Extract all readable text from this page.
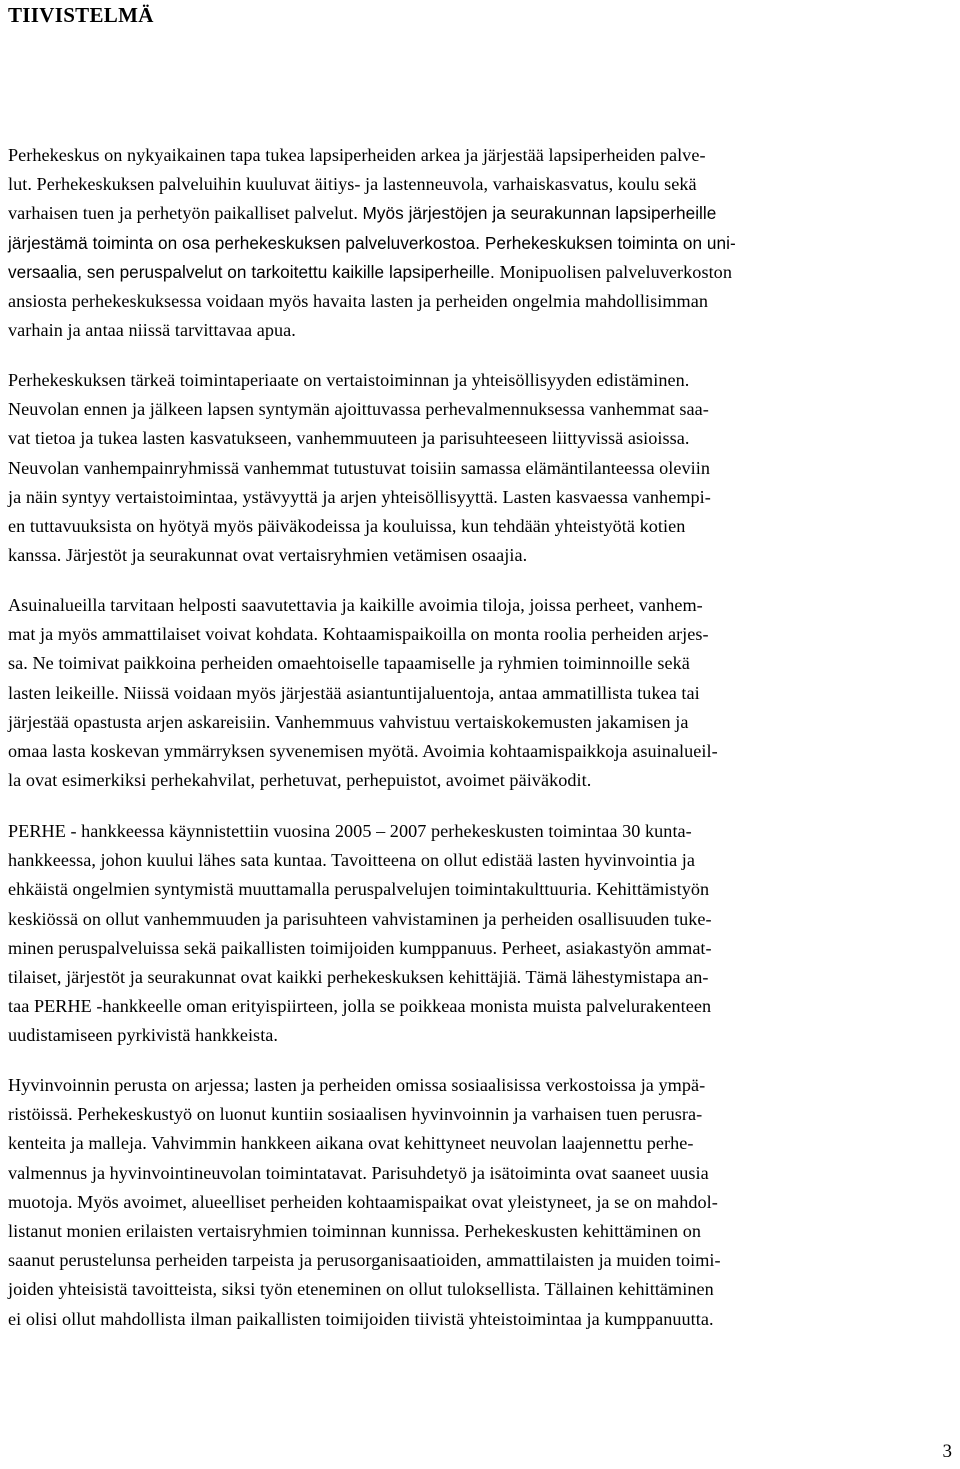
TIIVISTELMÄ
Perhekeskus on nykyaikainen tapa tukea lapsiperheiden arkea ja järjestää lapsiperheiden palve-
lut. Perhekeskuksen palveluihin kuuluvat äitiys- ja lastenneuvola, varhaiskasvatus, koulu sekä
varhaisen tuen ja perhetyön paikalliset palvelut. Myös järjestöjen ja seurakunnan lapsiperheille
järjestämä toiminta on osa perhekeskuksen palveluverkostoa. Perhekeskuksen toiminta on uni-
versaalia, sen peruspalvelut on tarkoitettu kaikille lapsiperheille. Monipuolisen palveluverkoston
ansiosta perhekeskuksessa voidaan myös havaita lasten ja perheiden ongelmia mahdollisimman
varhain ja antaa niissä tarvittavaa apua.
Perhekeskuksen tärkeä toimintaperiaate on vertaistoiminnan ja yhteisöllisyyden edistäminen.
Neuvolan ennen ja jälkeen lapsen syntymän ajoittuvassa perhevalmennuksessa vanhemmat saa-
vat tietoa ja tukea lasten kasvatukseen, vanhemmuuteen ja parisuhteeseen liittyvissä asioissa.
Neuvolan vanhempainryhmissä vanhemmat tutustuvat toisiin samassa elämäntilanteessa oleviin
ja näin syntyy vertaistoimintaa, ystävyyttä ja arjen yhteisöllisyyttä. Lasten kasvaessa vanhempi-
en tuttavuuksista on hyötyä myös päiväkodeissa ja kouluissa, kun tehdään yhteistyötä kotien
kanssa. Järjestöt ja seurakunnat ovat vertaisryhmien vetämisen osaajia.
Asuinalueilla tarvitaan helposti saavutettavia ja kaikille avoimia tiloja, joissa perheet, vanhem-
mat ja myös ammattilaiset voivat kohdata. Kohtaamispaikoilla on monta roolia perheiden arjes-
sa. Ne toimivat paikkoina perheiden omaehtoiselle tapaamiselle ja ryhmien toiminnoille sekä
lasten leikeille. Niissä voidaan myös järjestää asiantuntijaluentoja, antaa ammatillista tukea tai
järjestää opastusta arjen askareisiin. Vanhemmuus vahvistuu vertaiskokemusten jakamisen ja
omaa lasta koskevan ymmärryksen syvenemisen myötä. Avoimia kohtaamispaikkoja asuinalueil-
la ovat esimerkiksi perhekahvilat, perhetuvat, perhepuistot, avoimet päiväkodit.
PERHE - hankkeessa käynnistettiin vuosina 2005 – 2007 perhekeskusten toimintaa 30 kunta-
hankkeessa, johon kuului lähes sata kuntaa. Tavoitteena on ollut edistää lasten hyvinvointia ja
ehkäistä ongelmien syntymistä muuttamalla peruspalvelujen toimintakulttuuria. Kehittämistyön
keskiössä on ollut vanhemmuuden ja parisuhteen vahvistaminen ja perheiden osallisuuden tuke-
minen peruspalveluissa sekä paikallisten toimijoiden kumppanuus. Perheet, asiakastyön ammat-
tilaiset, järjestöt ja seurakunnat ovat kaikki perhekeskuksen kehittäjiä. Tämä lähestymistapa an-
taa PERHE -hankkeelle oman erityispiirteen, jolla se poikkeaa monista muista palvelurakenteen
uudistamiseen pyrkivistä hankkeista.
Hyvinvoinnin perusta on arjessa; lasten ja perheiden omissa sosiaalisissa verkostoissa ja ympä-
ristöissä. Perhekeskustyö on luonut kuntiin sosiaalisen hyvinvoinnin ja varhaisen tuen perusra-
kenteita ja malleja. Vahvimmin hankkeen aikana ovat kehittyneet neuvolan laajennettu perhe-
valmennus ja hyvinvointineuvolan toimintatavat. Parisuhdetyö ja isätoiminta ovat saaneet uusia
muotoja. Myös avoimet, alueelliset perheiden kohtaamispaikat ovat yleistyneet, ja se on mahdol-
listanut monien erilaisten vertaisryhmien toiminnan kunnissa. Perhekeskusten kehittäminen on
saanut perustelunsa perheiden tarpeista ja perusorganisaatioiden, ammattilaisten ja muiden toimi-
joiden yhteisistä tavoitteista, siksi työn eteneminen on ollut tuloksellista. Tällainen kehittäminen
ei olisi ollut mahdollista ilman paikallisten toimijoiden tiivistä yhteistoimintaa ja kumppanuutta.
3
